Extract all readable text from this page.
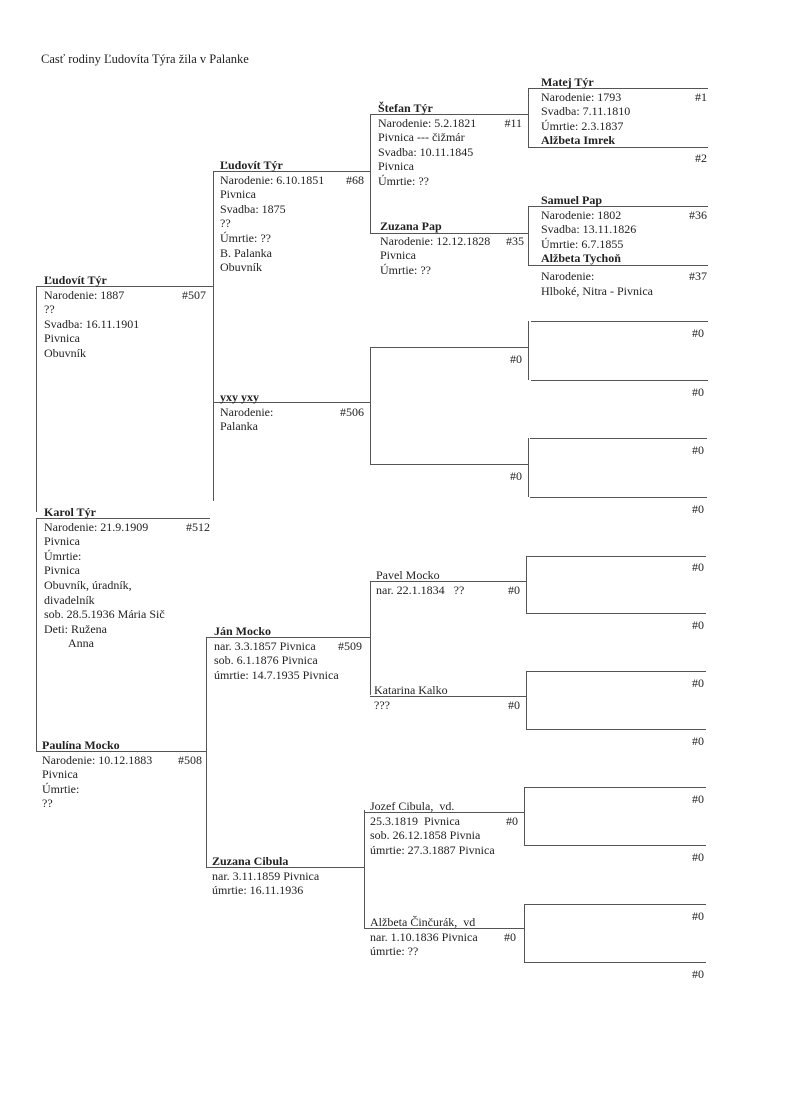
Casť rodiny Ľudovíta Týra žila v Palanke
Ľudovít Týr
Narodenie: 1887	#507
??
Svadba: 16.11.1901
Pivnica
Obuvník
Ľudovít Týr
Narodenie: 6.10.1851 #68
Pivnica
Svadba: 1875
??
Úmrtie: ??
B. Palanka
Obuvník
yxy yxy
Narodenie:	#506
Palanka
Štefan Týr
Narodenie: 5.2.1821 #11
Pivnica --- čižmár
Svadba: 10.11.1845
Pivnica
Úmrtie: ??
Zuzana Pap
Narodenie: 12.12.1828 #35
Pivnica
Úmrtie: ??
Matej Týr
Narodenie: 1793	#1
Svadba: 7.11.1810
Úmrtie: 2.3.1837
Alžbeta Imrek
#2
Samuel Pap
Narodenie: 1802	#36
Svadba: 13.11.1826
Úmrtie: 6.7.1855
Alžbeta Tychoň
Narodenie:	#37
Hlboké, Nitra - Pivnica
Karol Týr
Narodenie: 21.9.1909	#512
Pivnica
Úmrtie:
Pivnica
Obuvník, úradník,
divadelník
sob. 28.5.1936 Mária Sič
Deti: Ružena
Anna
Ján Mocko
nar. 3.3.1857 Pivnica #509
sob. 6.1.1876 Pivnica
úmrtie: 14.7.1935 Pivnica
Paulína Mocko
Narodenie: 10.12.1883 #508
Pivnica
Úmrtie:
??
Pavel Mocko
nar. 22.1.1834   ??	#0
Katarina Kalko
???	#0
Zuzana Cibula
nar. 3.11.1859 Pivnica
úmrtie: 16.11.1936
Jozef Cibula,  vd.
25.3.1819  Pivnica	#0
sob. 26.12.1858 Pivnia
úmrtie: 27.3.1887 Pivnica
Alžbeta Činčurák,  vd
nar. 1.10.1836 Pivnica #0
úmrtie: ??
#0
#0
#0
#0
#0
#0
#0
#0
#0
#0
#0
#0
#0
#0
